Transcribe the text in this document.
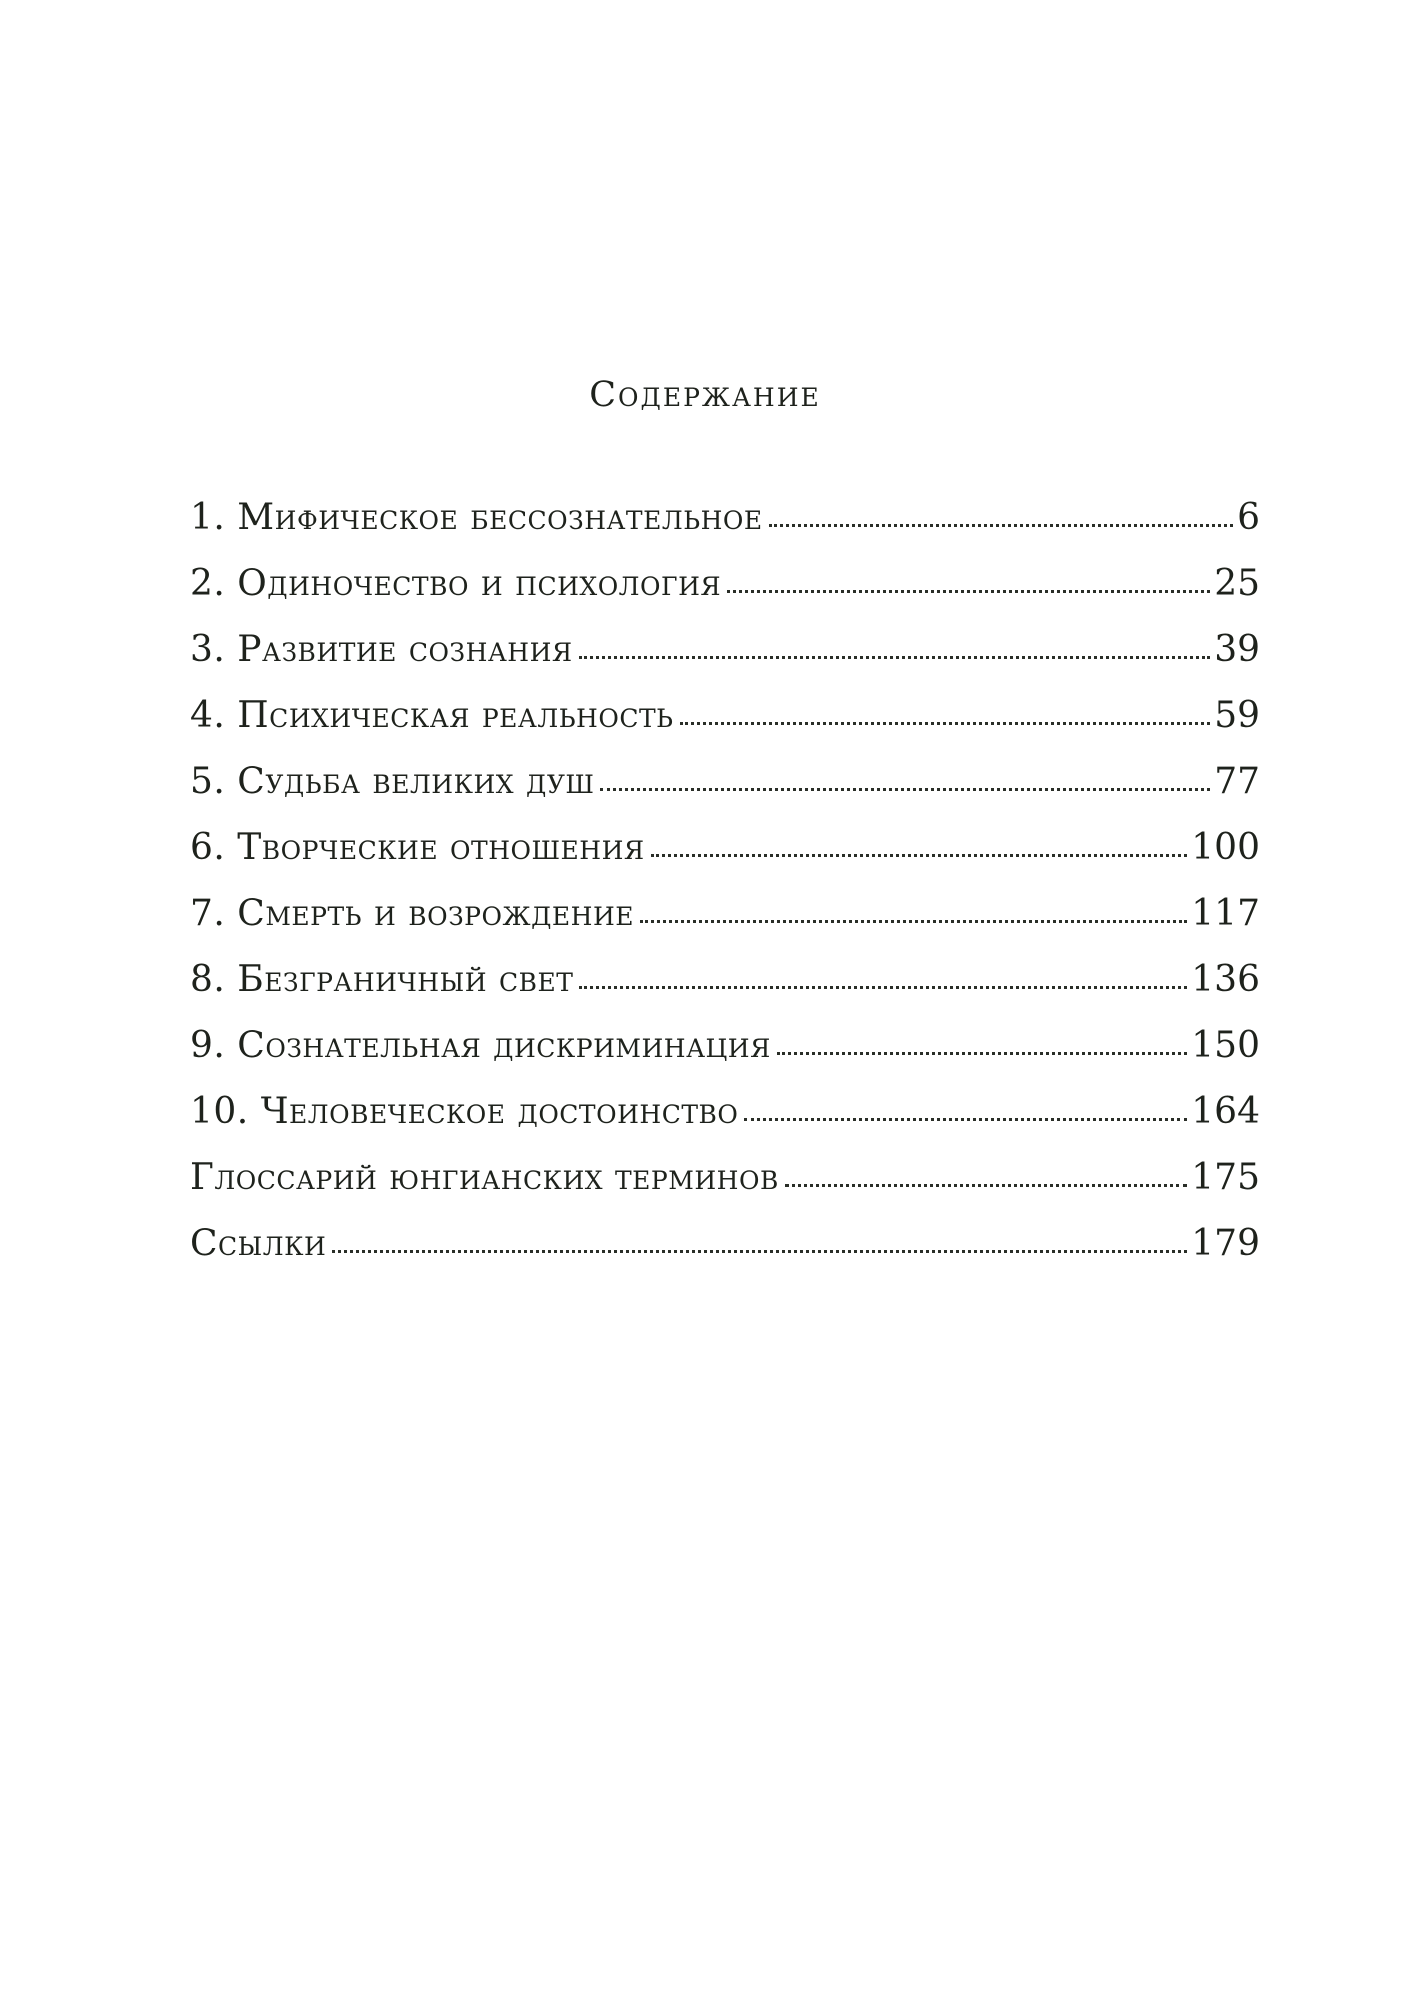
Содержание
1. Мифическое бессознательное	6
2. Одиночество и психология	25
3. Развитие сознания	39
4. Психическая реальность	59
5. Судьба великих душ	77
6. Творческие отношения	100
7. Смерть и возрождение	117
8. Безграничный свет	136
9. Сознательная дискриминация	150
10. Человеческое достоинство	164
Глоссарий юнгианских терминов	175
Ссылки	179
